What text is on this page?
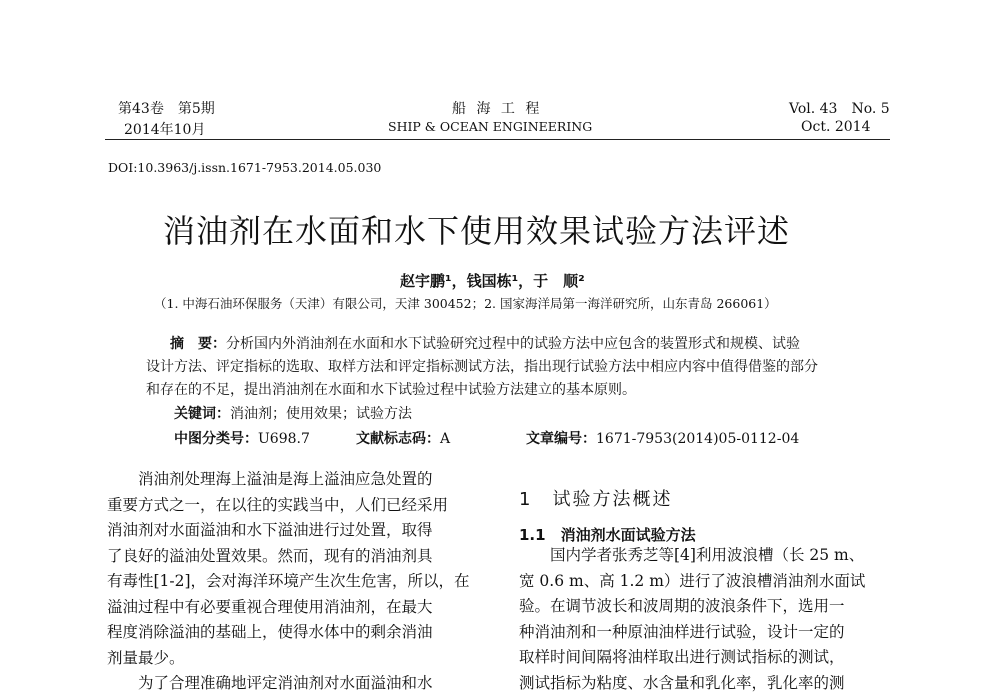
第43卷　第5期
2014年10月
船 海 工 程
SHIP & OCEAN ENGINEERING
Vol. 43　No. 5
Oct. 2014
DOI:10.3963/j.issn.1671-7953.2014.05.030
消油剂在水面和水下使用效果试验方法评述
赵宇鹏¹，钱国栋¹，于　顺²
（1. 中海石油环保服务（天津）有限公司，天津 300452；2. 国家海洋局第一海洋研究所，山东青岛 266061）
摘　要：分析国内外消油剂在水面和水下试验研究过程中的试验方法中应包含的装置形式和规模、试验
设计方法、评定指标的选取、取样方法和评定指标测试方法，指出现行试验方法中相应内容中值得借鉴的部分
和存在的不足，提出消油剂在水面和水下试验过程中试验方法建立的基本原则。
关键词：消油剂；使用效果；试验方法
中图分类号：U698.7	文献标志码：A	文章编号：1671-7953(2014)05-0112-04
　　消油剂处理海上溢油是海上溢油应急处置的
重要方式之一，在以往的实践当中，人们已经采用
消油剂对水面溢油和水下溢油进行过处置，取得
了良好的溢油处置效果。然而，现有的消油剂具
有毒性[1-2]，会对海洋环境产生次生危害，所以，在
溢油过程中有必要重视合理使用消油剂，在最大
程度消除溢油的基础上，使得水体中的剩余消油
剂量最少。
　　为了合理准确地评定消油剂对水面溢油和水
1　试验方法概述
1.1　消油剂水面试验方法
　　国内学者张秀芝等[4]利用波浪槽（长 25 m、
宽 0.6 m、高 1.2 m）进行了波浪槽消油剂水面试
验。在调节波长和波周期的波浪条件下，选用一
种消油剂和一种原油油样进行试验，设计一定的
取样时间间隔将油样取出进行测试指标的测试，
测试指标为粘度、水含量和乳化率，乳化率的测
